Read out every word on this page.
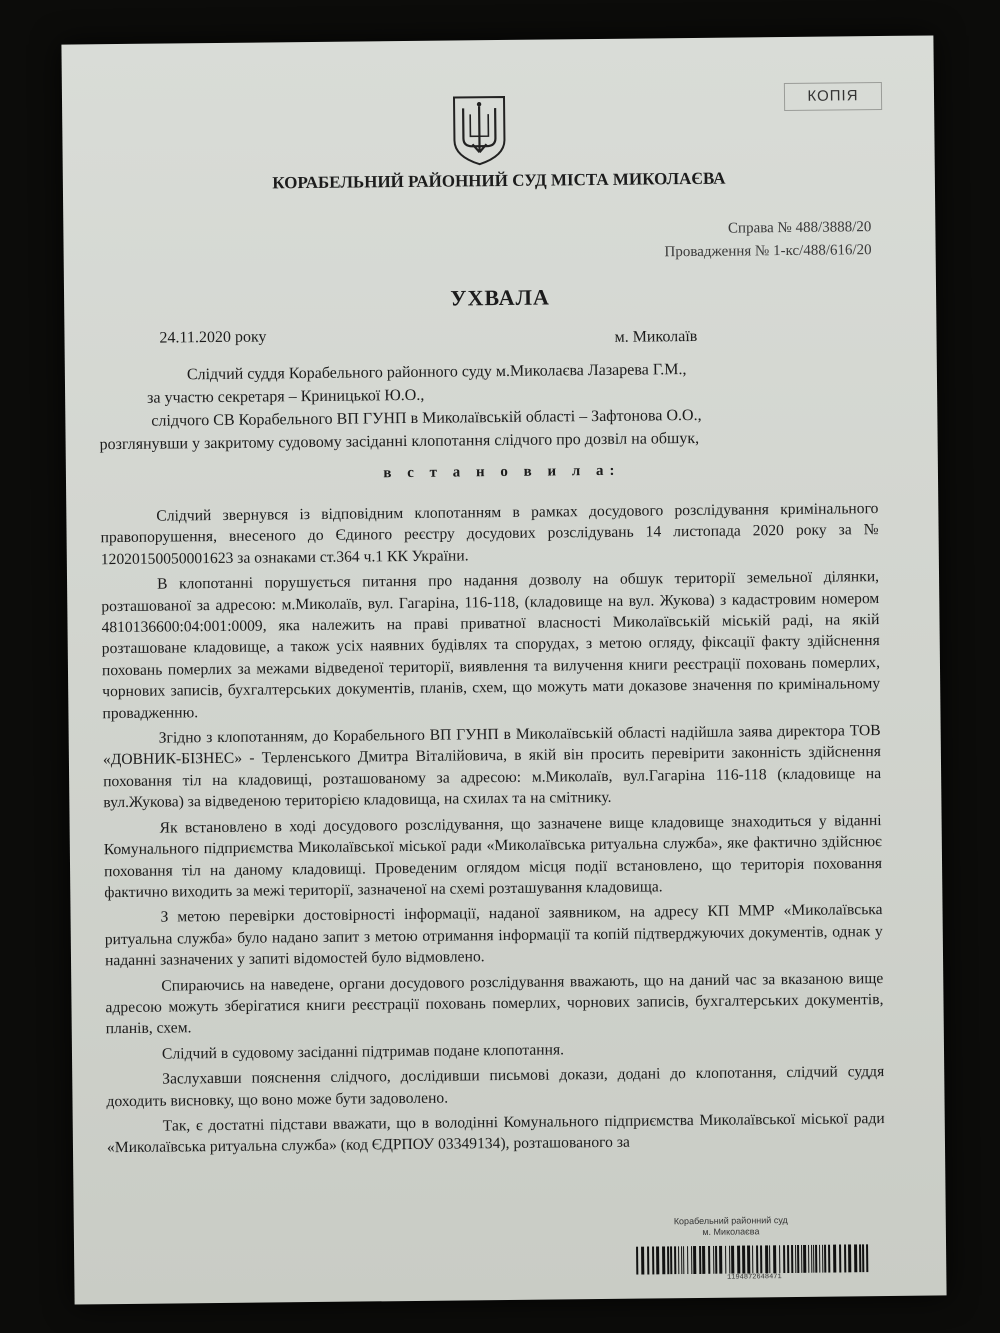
КОПІЯ
КОРАБЕЛЬНИЙ РАЙОННИЙ СУД МІСТА МИКОЛАЄВА
Справа № 488/3888/20
Провадження № 1-кс/488/616/20
УХВАЛА
24.11.2020 року	м. Миколаїв
Слідчий суддя Корабельного районного суду м.Миколаєва Лазарева Г.М.,
за участю секретаря – Криницької Ю.О.,
слідчого СВ Корабельного ВП ГУНП в Миколаївській області – Зафтонова О.О.,
розглянувши у закритому судовому засіданні клопотання слідчого про дозвіл на обшук,
в с т а н о в и л а:

Слідчий звернувся із відповідним клопотанням в рамках досудового розслідування кримінального правопорушення, внесеного до Єдиного реєстру досудових розслідувань 14 листопада 2020 року за № 12020150050001623 за ознаками ст.364 ч.1 КК України.

В клопотанні порушується питання про надання дозволу на обшук території земельної ділянки, розташованої за адресою: м.Миколаїв, вул. Гагаріна, 116-118, (кладовище на вул. Жукова) з кадастровим номером 4810136600:04:001:0009, яка належить на праві приватної власності Миколаївській міській раді, на якій розташоване кладовище, а також усіх наявних будівлях та спорудах, з метою огляду, фіксації факту здійснення поховань померлих за межами відведеної території, виявлення та вилучення книги реєстрації поховань померлих, чорнових записів, бухгалтерських документів, планів, схем, що можуть мати доказове значення по кримінальному провадженню.

Згідно з клопотанням, до Корабельного ВП ГУНП в Миколаївській області надійшла заява директора ТОВ «ДОВНИК-БІЗНЕС» - Терленського Дмитра Віталійовича, в якій він просить перевірити законність здійснення поховання тіл на кладовищі, розташованому за адресою: м.Миколаїв, вул.Гагаріна 116-118 (кладовище на вул.Жукова) за відведеною територією кладовища, на схилах та на смітнику.

Як встановлено в ході досудового розслідування, що зазначене вище кладовище знаходиться у віданні Комунального підприємства Миколаївської міської ради «Миколаївська ритуальна служба», яке фактично здійснює поховання тіл на даному кладовищі. Проведеним оглядом місця події встановлено, що територія поховання фактично виходить за межі території, зазначеної на схемі розташування кладовища.

З метою перевірки достовірності інформації, наданої заявником, на адресу КП ММР «Миколаївська ритуальна служба» було надано запит з метою отримання інформації та копій підтверджуючих документів, однак у наданні зазначених у запиті відомостей було відмовлено.

Спираючись на наведене, органи досудового розслідування вважають, що на даний час за вказаною вище адресою можуть зберігатися книги реєстрації поховань померлих, чорнових записів, бухгалтерських документів, планів, схем.

Слідчий в судовому засіданні підтримав подане клопотання.

Заслухавши пояснення слідчого, дослідивши письмові докази, додані до клопотання, слідчий суддя доходить висновку, що воно може бути задоволено.

Так, є достатні підстави вважати, що в володінні Комунального підприємства Миколаївської міської ради «Миколаївська ритуальна служба» (код ЄДРПОУ 03349134), розташованого за

Корабельний районний суд
м. Миколаєва
1194872648471
